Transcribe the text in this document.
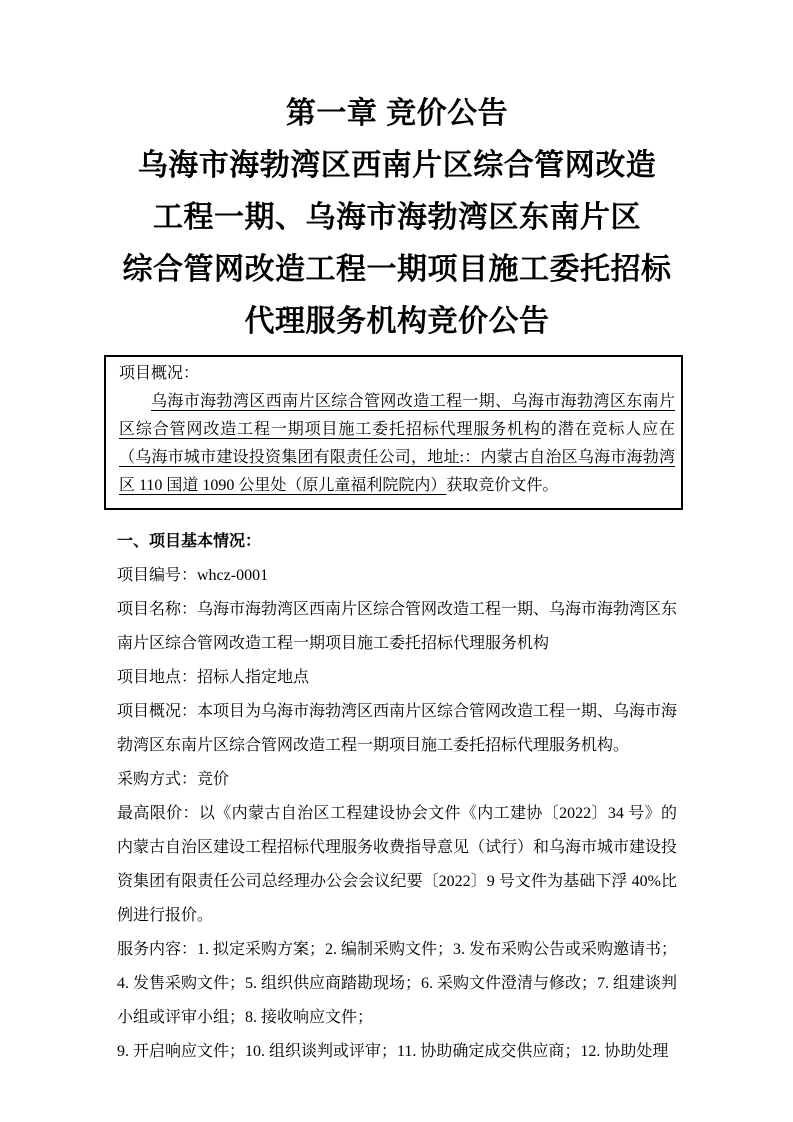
第一章 竞价公告
乌海市海勃湾区西南片区综合管网改造
工程一期、乌海市海勃湾区东南片区
综合管网改造工程一期项目施工委托招标
代理服务机构竞价公告
项目概况：

乌海市海勃湾区西南片区综合管网改造工程一期、乌海市海勃湾区东南片区综合管网改造工程一期项目施工委托招标代理服务机构的潜在竞标人应在（乌海市城市建设投资集团有限责任公司，地址:：内蒙古自治区乌海市海勃湾区 110 国道 1090 公里处（原儿童福利院院内）获取竞价文件。

一、项目基本情况：

项目编号：whcz-0001

项目名称：乌海市海勃湾区西南片区综合管网改造工程一期、乌海市海勃湾区东南片区综合管网改造工程一期项目施工委托招标代理服务机构

项目地点：招标人指定地点

项目概况：本项目为乌海市海勃湾区西南片区综合管网改造工程一期、乌海市海勃湾区东南片区综合管网改造工程一期项目施工委托招标代理服务机构。

采购方式：竞价

最高限价：以《内蒙古自治区工程建设协会文件《内工建协〔2022〕34 号》的内蒙古自治区建设工程招标代理服务收费指导意见（试行）和乌海市城市建设投资集团有限责任公司总经理办公会会议纪要〔2022〕9 号文件为基础下浮 40%比例进行报价。

服务内容：1. 拟定采购方案；2. 编制采购文件；3. 发布采购公告或采购邀请书；4. 发售采购文件；5. 组织供应商踏勘现场；6. 采购文件澄清与修改；7. 组建谈判小组或评审小组；8. 接收响应文件；

9. 开启响应文件；10. 组织谈判或评审；11. 协助确定成交供应商；12. 协助处理
